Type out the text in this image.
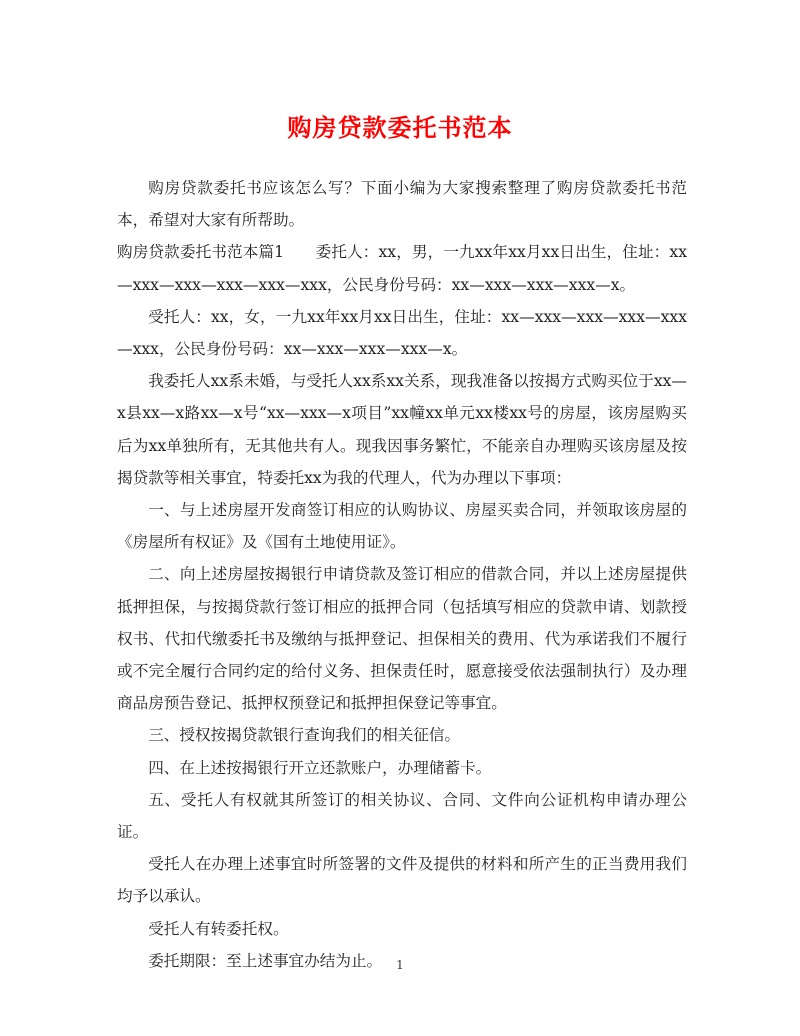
购房贷款委托书范本

购房贷款委托书应该怎么写？下面小编为大家搜索整理了购房贷款委托书范本，希望对大家有所帮助。

购房贷款委托书范本篇1　　委托人：xx，男，一九xx年xx月xx日出生，住址：xx—xxx—xxx—xxx—xxx—xxx，公民身份号码：xx—xxx—xxx—xxx—x。

受托人：xx，女，一九xx年xx月xx日出生，住址：xx—xxx—xxx—xxx—xxx—xxx，公民身份号码：xx—xxx—xxx—xxx—x。

我委托人xx系未婚，与受托人xx系xx关系，现我准备以按揭方式购买位于xx—x县xx—x路xx—x号“xx—xxx—x项目”xx幢xx单元xx楼xx号的房屋，该房屋购买后为xx单独所有，无其他共有人。现我因事务繁忙，不能亲自办理购买该房屋及按揭贷款等相关事宜，特委托xx为我的代理人，代为办理以下事项：

一、与上述房屋开发商签订相应的认购协议、房屋买卖合同，并领取该房屋的《房屋所有权证》及《国有土地使用证》。

二、向上述房屋按揭银行申请贷款及签订相应的借款合同，并以上述房屋提供抵押担保，与按揭贷款行签订相应的抵押合同（包括填写相应的贷款申请、划款授权书、代扣代缴委托书及缴纳与抵押登记、担保相关的费用、代为承诺我们不履行或不完全履行合同约定的给付义务、担保责任时，愿意接受依法强制执行）及办理商品房预告登记、抵押权预登记和抵押担保登记等事宜。

三、授权按揭贷款银行查询我们的相关征信。

四、在上述按揭银行开立还款账户，办理储蓄卡。

五、受托人有权就其所签订的相关协议、合同、文件向公证机构申请办理公证。

受托人在办理上述事宜时所签署的文件及提供的材料和所产生的正当费用我们均予以承认。

受托人有转委托权。

委托期限：至上述事宜办结为止。	1
